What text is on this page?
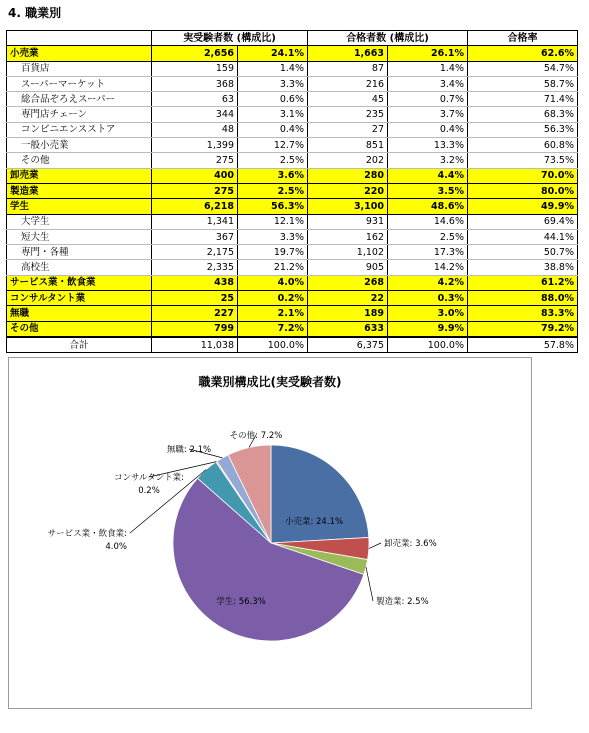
4. 職業別
	実受験者数 (構成比)		合格者数 (構成比)		合格率
小売業	2,656	24.1%	1,663	26.1%	62.6%
百貨店	159	1.4%	87	1.4%	54.7%
スーパーマーケット	368	3.3%	216	3.4%	58.7%
総合品ぞろえスーパー	63	0.6%	45	0.7%	71.4%
専門店チェーン	344	3.1%	235	3.7%	68.3%
コンビニエンスストア	48	0.4%	27	0.4%	56.3%
一般小売業	1,399	12.7%	851	13.3%	60.8%
その他	275	2.5%	202	3.2%	73.5%
卸売業	400	3.6%	280	4.4%	70.0%
製造業	275	2.5%	220	3.5%	80.0%
学生	6,218	56.3%	3,100	48.6%	49.9%
大学生	1,341	12.1%	931	14.6%	69.4%
短大生	367	3.3%	162	2.5%	44.1%
専門・各種	2,175	19.7%	1,102	17.3%	50.7%
高校生	2,335	21.2%	905	14.2%	38.8%
サービス業・飲食業	438	4.0%	268	4.2%	61.2%
コンサルタント業	25	0.2%	22	0.3%	88.0%
無職	227	2.1%	189	3.0%	83.3%
その他	799	7.2%	633	9.9%	79.2%
合計	11,038	100.0%	6,375	100.0%	57.8%
職業別構成比(実受験者数)
小売業: 24.1%
卸売業: 3.6%
製造業: 2.5%
学生: 56.3%
サービス業・飲食業: 4.0%
コンサルタント業: 0.2%
無職: 2.1%
その他: 7.2%
